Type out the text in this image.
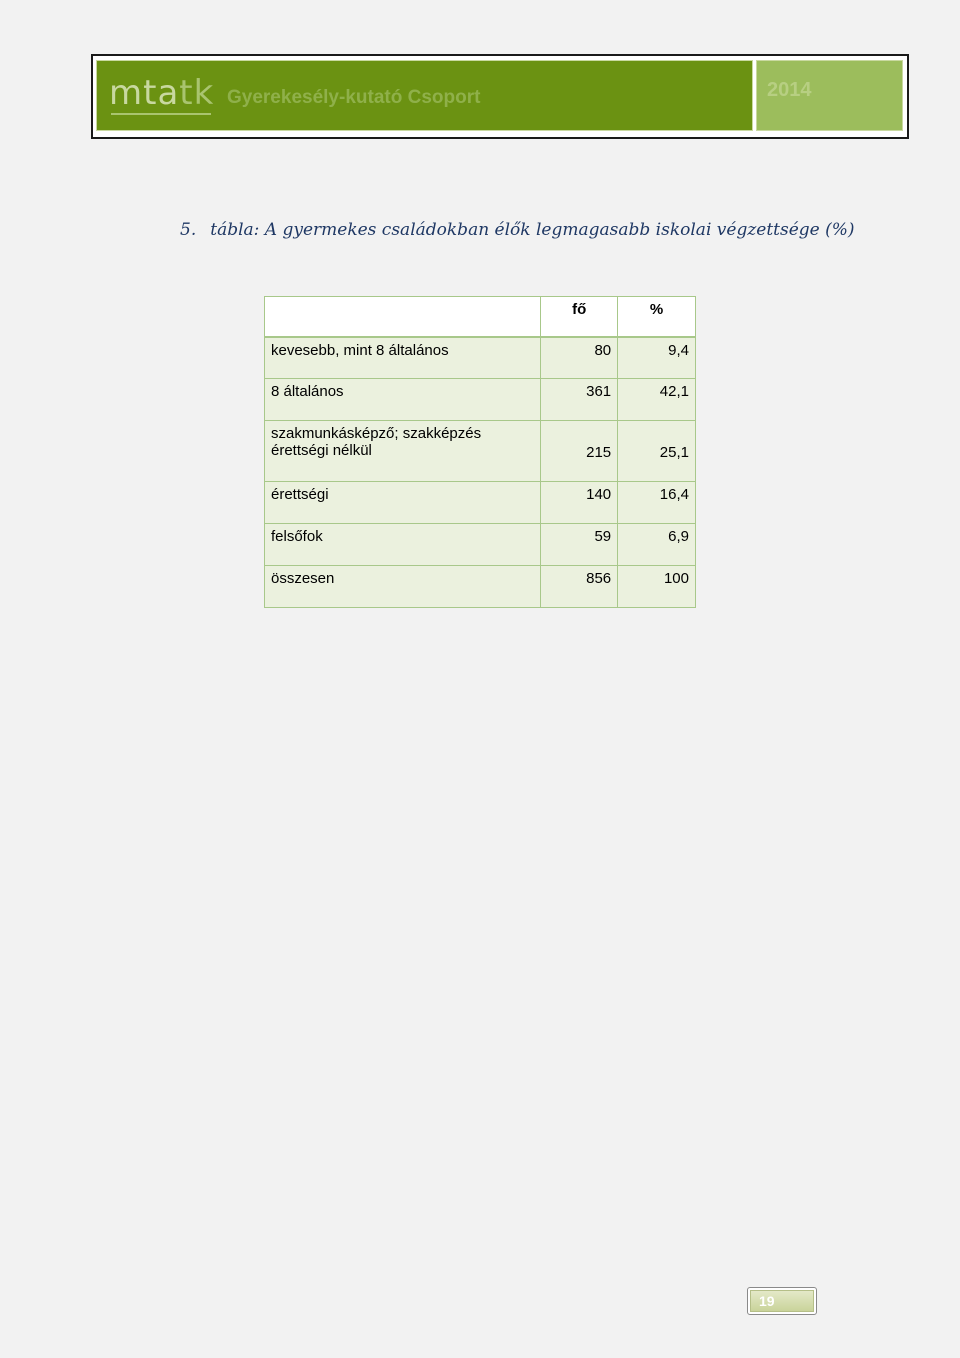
mtatk Gyerekesély-kutató Csoport	2014
5. tábla: A gyermekes családokban élők legmagasabb iskolai végzettsége (%)
	fő	%
kevesebb, mint 8 általános	80	9,4
8 általános	361	42,1
szakmunkásképző; szakképzés érettségi nélkül	215	25,1
érettségi	140	16,4
felsőfok	59	6,9
összesen	856	100
19
